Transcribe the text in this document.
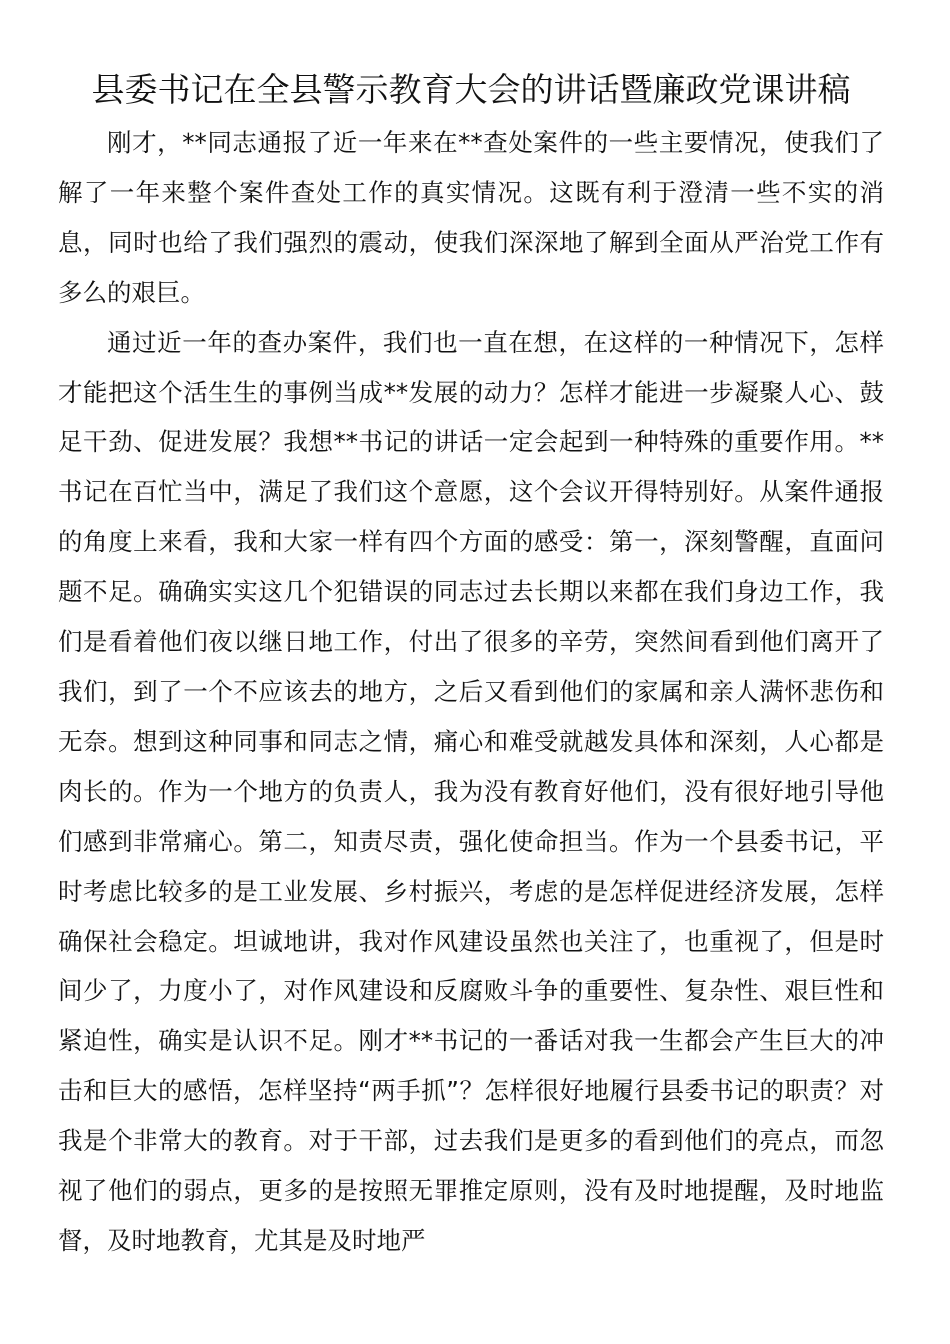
县委书记在全县警示教育大会的讲话暨廉政党课讲稿

刚才，**同志通报了近一年来在**查处案件的一些主要情况，使我们了解了一年来整个案件查处工作的真实情况。这既有利于澄清一些不实的消息，同时也给了我们强烈的震动，使我们深深地了解到全面从严治党工作有多么的艰巨。

通过近一年的查办案件，我们也一直在想，在这样的一种情况下，怎样才能把这个活生生的事例当成**发展的动力？怎样才能进一步凝聚人心、鼓足干劲、促进发展？我想**书记的讲话一定会起到一种特殊的重要作用。**书记在百忙当中，满足了我们这个意愿，这个会议开得特别好。从案件通报的角度上来看，我和大家一样有四个方面的感受：第一，深刻警醒，直面问题不足。确确实实这几个犯错误的同志过去长期以来都在我们身边工作，我们是看着他们夜以继日地工作，付出了很多的辛劳，突然间看到他们离开了我们，到了一个不应该去的地方，之后又看到他们的家属和亲人满怀悲伤和无奈。想到这种同事和同志之情，痛心和难受就越发具体和深刻，人心都是肉长的。作为一个地方的负责人，我为没有教育好他们，没有很好地引导他们感到非常痛心。第二，知责尽责，强化使命担当。作为一个县委书记，平时考虑比较多的是工业发展、乡村振兴，考虑的是怎样促进经济发展，怎样确保社会稳定。坦诚地讲，我对作风建设虽然也关注了，也重视了，但是时间少了，力度小了，对作风建设和反腐败斗争的重要性、复杂性、艰巨性和紧迫性，确实是认识不足。刚才**书记的一番话对我一生都会产生巨大的冲击和巨大的感悟，怎样坚持“两手抓”？怎样很好地履行县委书记的职责？对我是个非常大的教育。对于干部，过去我们是更多的看到他们的亮点，而忽视了他们的弱点，更多的是按照无罪推定原则，没有及时地提醒，及时地监督，及时地教育，尤其是及时地严
